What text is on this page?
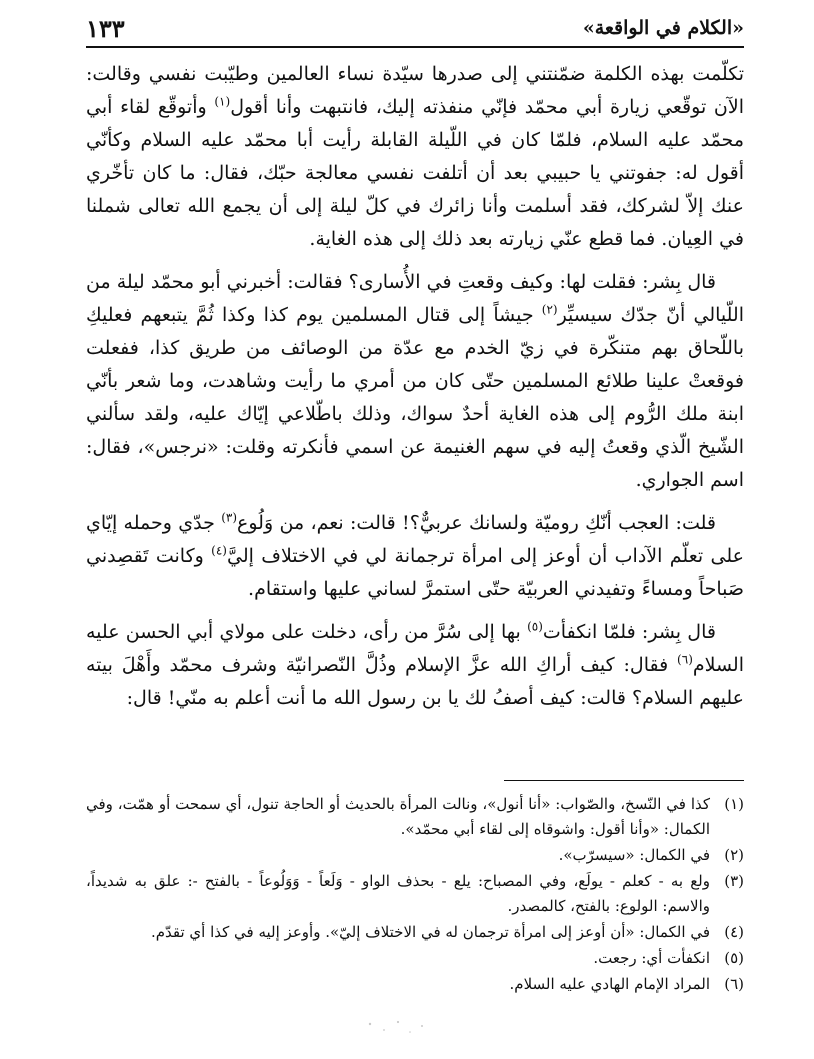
١٣٣	«الكلام في الواقعة»

تكلّمت بهذه الكلمة ضمّنتني إلى صدرها سيّدة نساء العالمين وطيّبت نفسي وقالت: الآن توقّعي زيارة أبي محمّد فإنّي منفذته إليك، فانتبهت وأنا أقول$^{(١)}$ وأتوقّع لقاء أبي محمّد عليه السلام، فلمّا كان في اللّيلة القابلة رأيت أبا محمّد عليه السلام وكأنّي أقول له: جفوتني يا حبيبي بعد أن أتلفت نفسي معالجة حبّك، فقال: ما كان تأخّري عنك إلاّ لشركك، فقد أسلمت وأنا زائرك في كلّ ليلة إلى أن يجمع الله تعالى شملنا في العِيان. فما قطع عنّي زيارته بعد ذلك إلى هذه الغاية.

قال بِشر: فقلت لها: وكيف وقعتِ في الأُسارى؟ فقالت: أخبرني أبو محمّد ليلة من اللّيالي أنّ جدّك سيسيِّر$^{(٢)}$ جيشاً إلى قتال المسلمين يوم كذا وكذا ثُمَّ يتبعهم فعليكِ باللّحاق بهم متنكّرة في زيّ الخدم مع عدّة من الوصائف من طريق كذا، ففعلت فوقعتْ علينا طلائع المسلمين حتّى كان من أمري ما رأيت وشاهدت، وما شعر بأنّي ابنة ملك الرُّوم إلى هذه الغاية أحدٌ سواك، وذلك باطّلاعي إيّاك عليه، ولقد سألني الشّيخ الّذي وقعتُ إليه في سهم الغنيمة عن اسمي فأنكرته وقلت: «نرجس»، فقال: اسم الجواري.

قلت: العجب أنّكِ روميّة ولسانك عربيٌّ؟! قالت: نعم، من وَلُوع$^{(٣)}$ جدّي وحمله إيّاي على تعلّم الآداب أن أوعز إلى امرأة ترجمانة لي في الاختلاف إليَّ$^{(٤)}$ وكانت تَقصِدني صَباحاً ومساءً وتفيدني العربيّة حتّى استمرَّ لساني عليها واستقام.

قال بِشر: فلمّا انكفأت$^{(٥)}$ بها إلى سُرَّ من رأى، دخلت على مولاي أبي الحسن عليه السلام$^{(٦)}$ فقال: كيف أراكِ الله عزَّ الإسلام وذُلَّ النّصرانيّة وشرف محمّد وأَهْلَ بيته عليهم السلام؟ قالت: كيف أصفُ لك يا بن رسول الله ما أنت أعلم به منّي! قال:

(١)
كذا في النّسخ، والصّواب: «أنا أنول»، ونالت المرأة بالحديث أو الحاجة تنول، أي سمحت أو همّت، وفي الكمال: «وأنا أقول: واشوقاه إلى لقاء أبي محمّد».
(٢)
في الكمال: «سيسرّب».
(٣)
ولع به - كعلم - يولَع، وفي المصباح: يلع - بحذف الواو - وَلَعاً - وَوَلُوعاً - بالفتح -: علق به شديداً، والاسم: الولوع: بالفتح، كالمصدر.
(٤)
في الكمال: «أن أوعز إلى امرأة ترجمان له في الاختلاف إليّ». وأوعز إليه في كذا أي تقدّم.
(٥)
انكفأت أي: رجعت.
(٦)
المراد الإمام الهادي عليه السلام.
